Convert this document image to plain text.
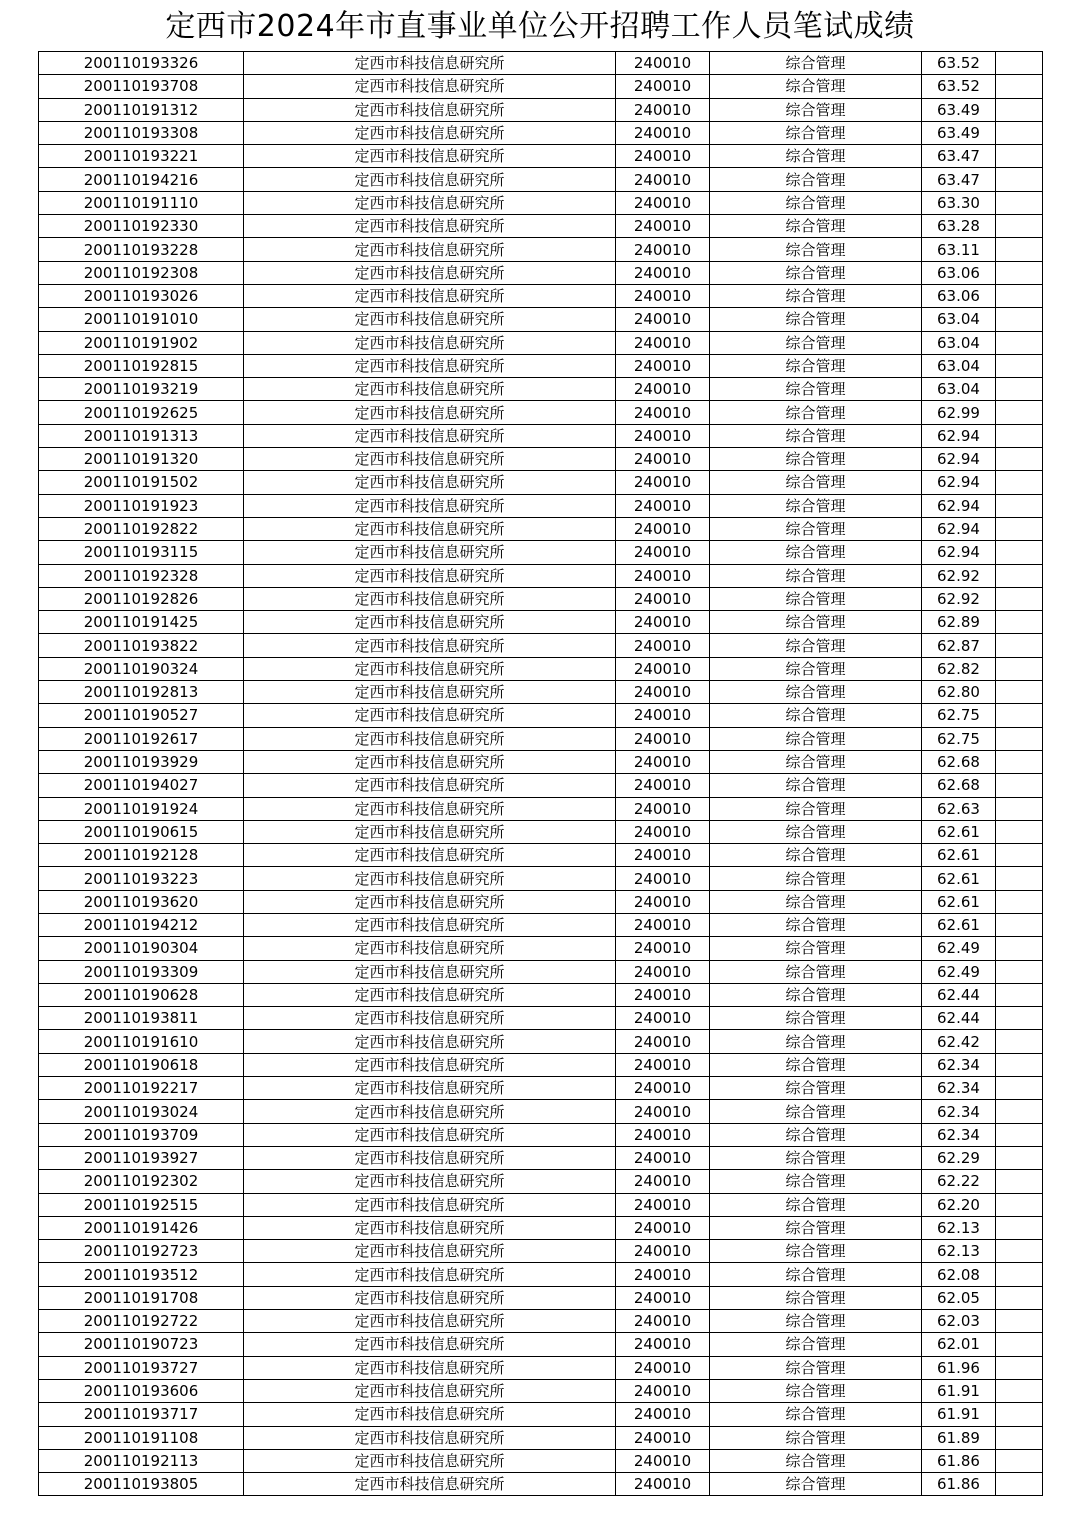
定西市2024年市直事业单位公开招聘工作人员笔试成绩
200110193326	定西市科技信息研究所	240010	综合管理	63.52	
200110193708	定西市科技信息研究所	240010	综合管理	63.52	
200110191312	定西市科技信息研究所	240010	综合管理	63.49	
200110193308	定西市科技信息研究所	240010	综合管理	63.49	
200110193221	定西市科技信息研究所	240010	综合管理	63.47	
200110194216	定西市科技信息研究所	240010	综合管理	63.47	
200110191110	定西市科技信息研究所	240010	综合管理	63.30	
200110192330	定西市科技信息研究所	240010	综合管理	63.28	
200110193228	定西市科技信息研究所	240010	综合管理	63.11	
200110192308	定西市科技信息研究所	240010	综合管理	63.06	
200110193026	定西市科技信息研究所	240010	综合管理	63.06	
200110191010	定西市科技信息研究所	240010	综合管理	63.04	
200110191902	定西市科技信息研究所	240010	综合管理	63.04	
200110192815	定西市科技信息研究所	240010	综合管理	63.04	
200110193219	定西市科技信息研究所	240010	综合管理	63.04	
200110192625	定西市科技信息研究所	240010	综合管理	62.99	
200110191313	定西市科技信息研究所	240010	综合管理	62.94	
200110191320	定西市科技信息研究所	240010	综合管理	62.94	
200110191502	定西市科技信息研究所	240010	综合管理	62.94	
200110191923	定西市科技信息研究所	240010	综合管理	62.94	
200110192822	定西市科技信息研究所	240010	综合管理	62.94	
200110193115	定西市科技信息研究所	240010	综合管理	62.94	
200110192328	定西市科技信息研究所	240010	综合管理	62.92	
200110192826	定西市科技信息研究所	240010	综合管理	62.92	
200110191425	定西市科技信息研究所	240010	综合管理	62.89	
200110193822	定西市科技信息研究所	240010	综合管理	62.87	
200110190324	定西市科技信息研究所	240010	综合管理	62.82	
200110192813	定西市科技信息研究所	240010	综合管理	62.80	
200110190527	定西市科技信息研究所	240010	综合管理	62.75	
200110192617	定西市科技信息研究所	240010	综合管理	62.75	
200110193929	定西市科技信息研究所	240010	综合管理	62.68	
200110194027	定西市科技信息研究所	240010	综合管理	62.68	
200110191924	定西市科技信息研究所	240010	综合管理	62.63	
200110190615	定西市科技信息研究所	240010	综合管理	62.61	
200110192128	定西市科技信息研究所	240010	综合管理	62.61	
200110193223	定西市科技信息研究所	240010	综合管理	62.61	
200110193620	定西市科技信息研究所	240010	综合管理	62.61	
200110194212	定西市科技信息研究所	240010	综合管理	62.61	
200110190304	定西市科技信息研究所	240010	综合管理	62.49	
200110193309	定西市科技信息研究所	240010	综合管理	62.49	
200110190628	定西市科技信息研究所	240010	综合管理	62.44	
200110193811	定西市科技信息研究所	240010	综合管理	62.44	
200110191610	定西市科技信息研究所	240010	综合管理	62.42	
200110190618	定西市科技信息研究所	240010	综合管理	62.34	
200110192217	定西市科技信息研究所	240010	综合管理	62.34	
200110193024	定西市科技信息研究所	240010	综合管理	62.34	
200110193709	定西市科技信息研究所	240010	综合管理	62.34	
200110193927	定西市科技信息研究所	240010	综合管理	62.29	
200110192302	定西市科技信息研究所	240010	综合管理	62.22	
200110192515	定西市科技信息研究所	240010	综合管理	62.20	
200110191426	定西市科技信息研究所	240010	综合管理	62.13	
200110192723	定西市科技信息研究所	240010	综合管理	62.13	
200110193512	定西市科技信息研究所	240010	综合管理	62.08	
200110191708	定西市科技信息研究所	240010	综合管理	62.05	
200110192722	定西市科技信息研究所	240010	综合管理	62.03	
200110190723	定西市科技信息研究所	240010	综合管理	62.01	
200110193727	定西市科技信息研究所	240010	综合管理	61.96	
200110193606	定西市科技信息研究所	240010	综合管理	61.91	
200110193717	定西市科技信息研究所	240010	综合管理	61.91	
200110191108	定西市科技信息研究所	240010	综合管理	61.89	
200110192113	定西市科技信息研究所	240010	综合管理	61.86	
200110193805	定西市科技信息研究所	240010	综合管理	61.86	
